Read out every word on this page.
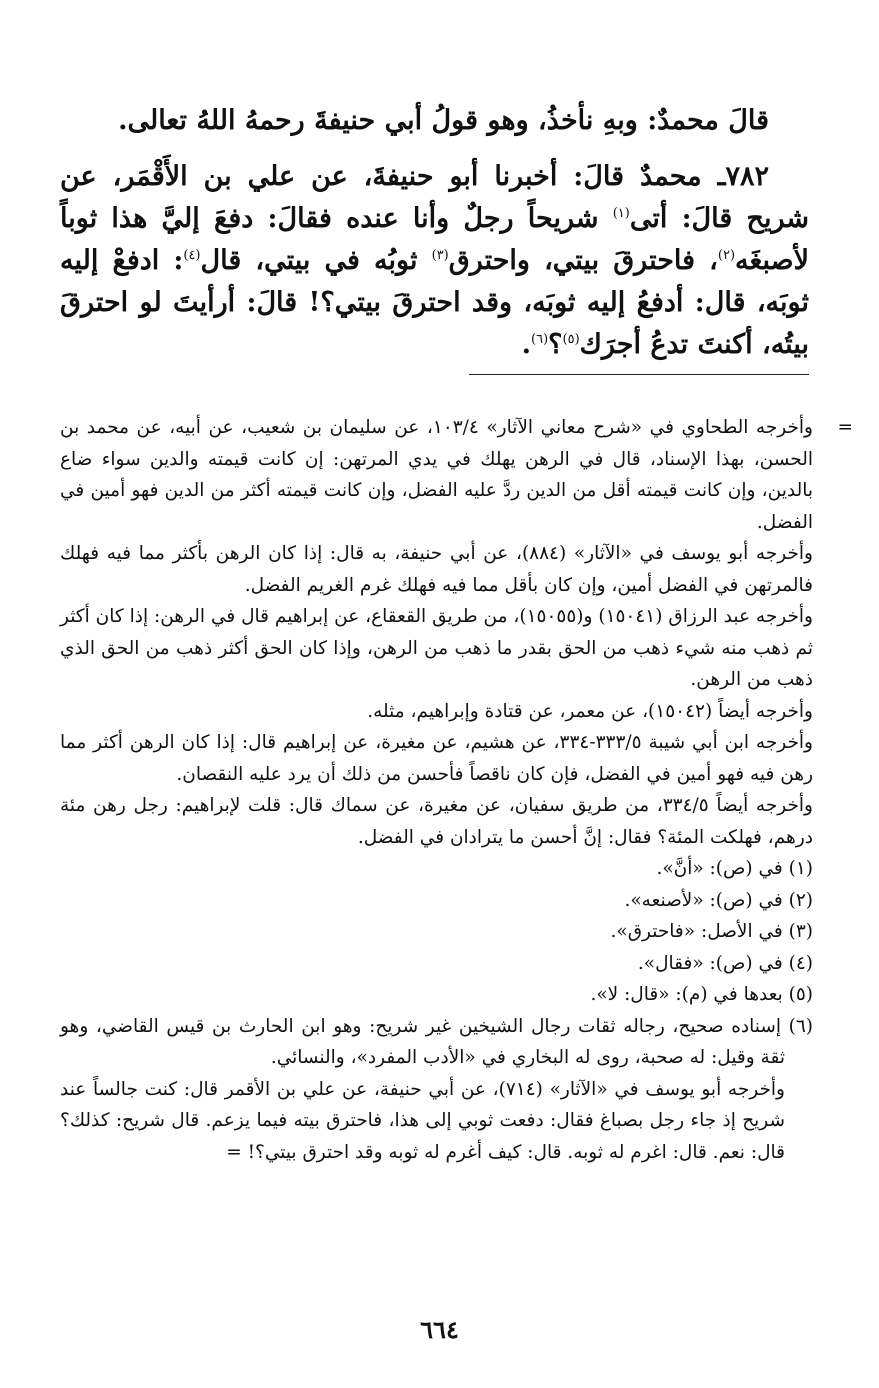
قالَ محمدٌ: وبهِ نأخذُ، وهو قولُ أبي حنيفةَ رحمهُ اللهُ تعالى.

٧٨٢ـ محمدٌ قالَ: أخبرنا أبو حنيفةَ، عن علي بن الأَقْمَر، عن شريح قالَ: أتى$^{(١)}$ شريحاً رجلٌ وأنا عنده فقالَ: دفعَ إليَّ هذا ثوباً لأصبغَه$^{(٢)}$، فاحترقَ بيتي، واحترق$^{(٣)}$ ثوبُه في بيتي، قال$^{(٤)}$: ادفعْ إليه ثوبَه، قال: أدفعُ إليه ثوبَه، وقد احترقَ بيتي؟! قالَ: أرأيتَ لو احترقَ بيتُه، أكنتَ تدعُ أجرَك$^{(٥)}$؟$^{(٦)}$.

=
وأخرجه الطحاوي في «شرح معاني الآثار» ١٠٣/٤، عن سليمان بن شعيب، عن أبيه، عن محمد بن الحسن، بهذا الإسناد، قال في الرهن يهلك في يدي المرتهن: إن كانت قيمته والدين سواء ضاع بالدين، وإن كانت قيمته أقل من الدين ردَّ عليه الفضل، وإن كانت قيمته أكثر من الدين فهو أمين في الفضل.

وأخرجه أبو يوسف في «الآثار» (٨٨٤)، عن أبي حنيفة، به قال: إذا كان الرهن بأكثر مما فيه فهلك فالمرتهن في الفضل أمين، وإن كان بأقل مما فيه فهلك غرم الغريم الفضل.

وأخرجه عبد الرزاق (١٥٠٤١) و(١٥٠٥٥)، من طريق القعقاع، عن إبراهيم قال في الرهن: إذا كان أكثر ثم ذهب منه شيء ذهب من الحق بقدر ما ذهب من الرهن، وإذا كان الحق أكثر ذهب من الحق الذي ذهب من الرهن.

وأخرجه أيضاً (١٥٠٤٢)، عن معمر، عن قتادة وإبراهيم، مثله.

وأخرجه ابن أبي شيبة ٣٣٣/٥-٣٣٤، عن هشيم، عن مغيرة، عن إبراهيم قال: إذا كان الرهن أكثر مما رهن فيه فهو أمين في الفضل، فإن كان ناقصاً فأحسن من ذلك أن يرد عليه النقصان.

وأخرجه أيضاً ٣٣٤/٥، من طريق سفيان، عن مغيرة، عن سماك قال: قلت لإبراهيم: رجل رهن مئة درهم، فهلكت المئة؟ فقال: إنَّ أحسن ما يترادان في الفضل.

(١) في (ص): «أنَّ».

(٢) في (ص): «لأصنعه».

(٣) في الأصل: «فاحترق».

(٤) في (ص): «فقال».

(٥) بعدها في (م): «قال: لا».

(٦) إسناده صحيح، رجاله ثقات رجال الشيخين غير شريح: وهو ابن الحارث بن قيس القاضي، وهو ثقة وقيل: له صحبة، روى له البخاري في «الأدب المفرد»، والنسائي.

وأخرجه أبو يوسف في «الآثار» (٧١٤)، عن أبي حنيفة، عن علي بن الأقمر قال: كنت جالساً عند شريح إذ جاء رجل بصباغ فقال: دفعت ثوبي إلى هذا، فاحترق بيته فيما يزعم. قال شريح: كذلك؟ قال: نعم. قال: اغرم له ثوبه. قال: كيف أغرم له ثوبه وقد احترق بيتي؟! =

٦٦٤
